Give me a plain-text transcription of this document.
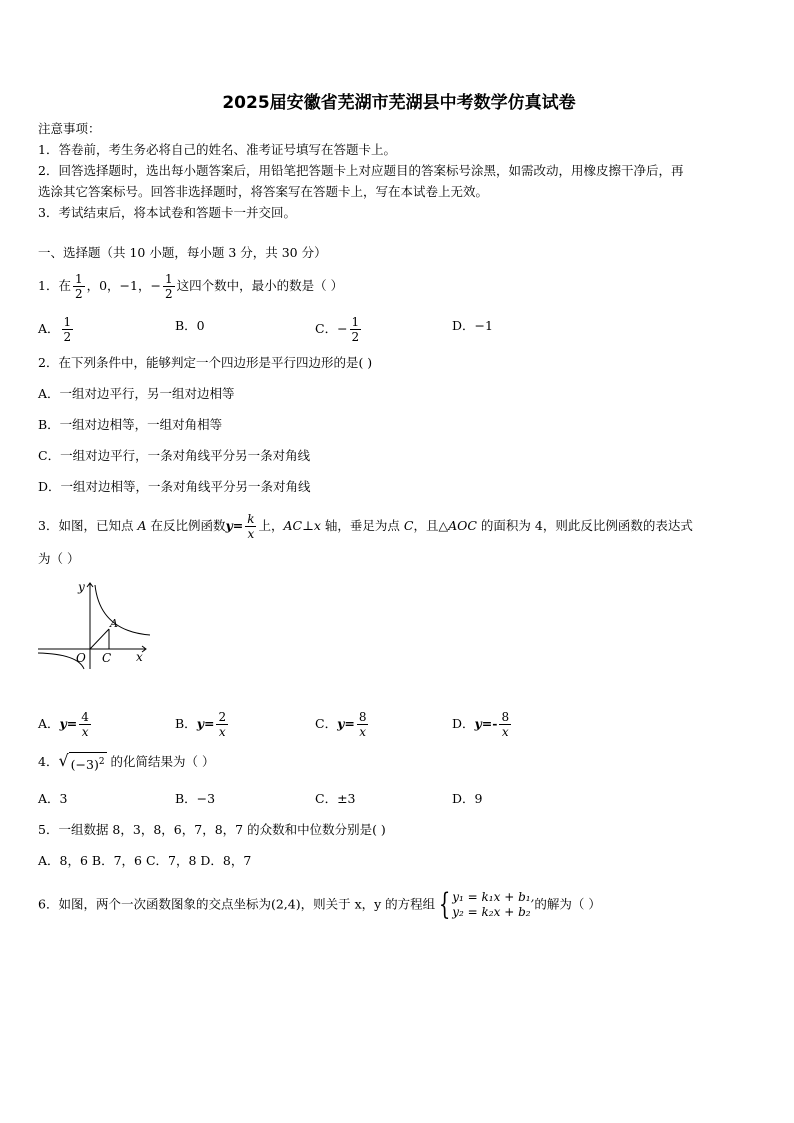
2025届安徽省芜湖市芜湖县中考数学仿真试卷
注意事项：
1．答卷前，考生务必将自己的姓名、准考证号填写在答题卡上。
2．回答选择题时，选出每小题答案后，用铅笔把答题卡上对应题目的答案标号涂黑，如需改动，用橡皮擦干净后，再
选涂其它答案标号。回答非选择题时，将答案写在答题卡上，写在本试卷上无效。
3．考试结束后，将本试卷和答题卡一并交回。
一、选择题（共 10 小题，每小题 3 分，共 30 分）
1．在 $\frac{1}{2}$ ，0，−1，− $\frac{1}{2}$ 这四个数中，最小的数是（ ）
A． $\frac{1}{2}$	B．0	C．− $\frac{1}{2}$	D．−1
2．在下列条件中，能够判定一个四边形是平行四边形的是( )
A．一组对边平行，另一组对边相等
B．一组对边相等，一组对角相等
C．一组对边平行，一条对角线平分另一条对角线
D．一组对边相等，一条对角线平分另一条对角线
3．如图，已知点 A 在反比例函数$y= \frac{k}{x}$ 上，AC⊥x 轴，垂足为点 C，且△AOC 的面积为 4，则此反比例函数的表达式
为（ ）
y
x
O C
A
A．$y= \frac{4}{x}$	B．$y= \frac{2}{x}$	C．$y= \frac{8}{x}$	D．$y=- \frac{8}{x}$
4． √ $(-3)^2$ 的化简结果为（ ）
A．3	B．−3	C．±3	D．9
5．一组数据 8，3，8，6，7，8，7 的众数和中位数分别是( )
A．8，6 B．7，6 C．7，8 D．8，7
6．如图，两个一次函数图象的交点坐标为(2,4)，则关于 x，y 的方程组 { y₁ = k₁x + b₁,
y₂ = k₂x + b₂
的解为（ ）
